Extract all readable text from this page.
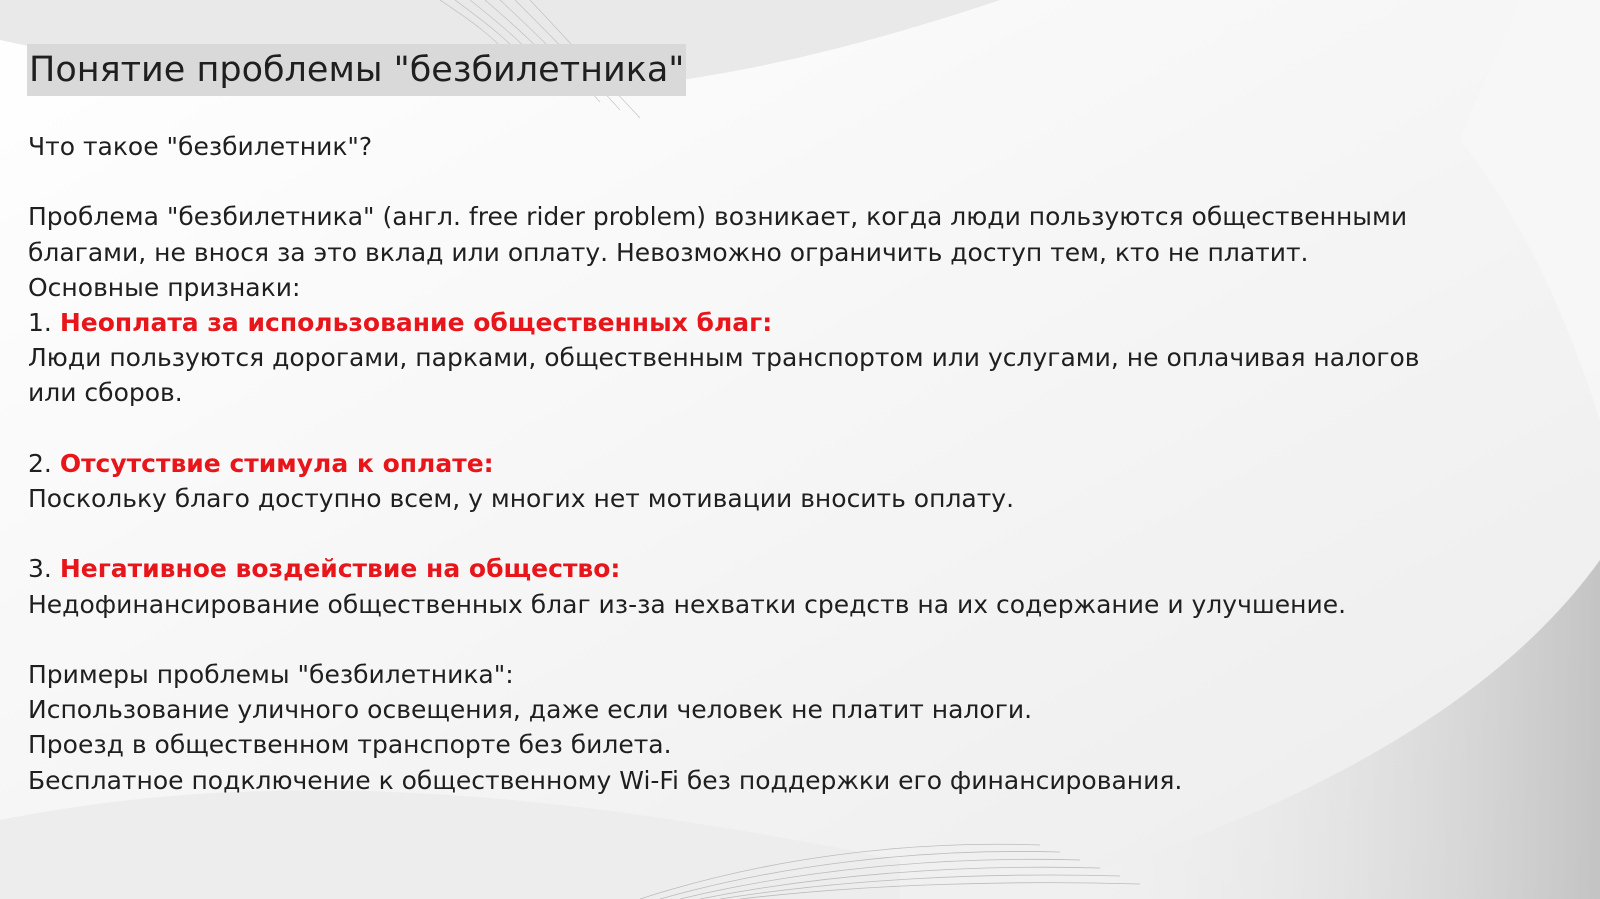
Понятие проблемы "безбилетника"
Что такое "безбилетник"?
Проблема "безбилетника" (англ. free rider problem) возникает, когда люди пользуются общественными
благами, не внося за это вклад или оплату. Невозможно ограничить доступ тем, кто не платит.
Основные признаки:
1. Неоплата за использование общественных благ:
Люди пользуются дорогами, парками, общественным транспортом или услугами, не оплачивая налогов
или сборов.
2. Отсутствие стимула к оплате:
Поскольку благо доступно всем, у многих нет мотивации вносить оплату.
3. Негативное воздействие на общество:
Недофинансирование общественных благ из-за нехватки средств на их содержание и улучшение.
Примеры проблемы "безбилетника":
Использование уличного освещения, даже если человек не платит налоги.
Проезд в общественном транспорте без билета.
Бесплатное подключение к общественному Wi-Fi без поддержки его финансирования.
